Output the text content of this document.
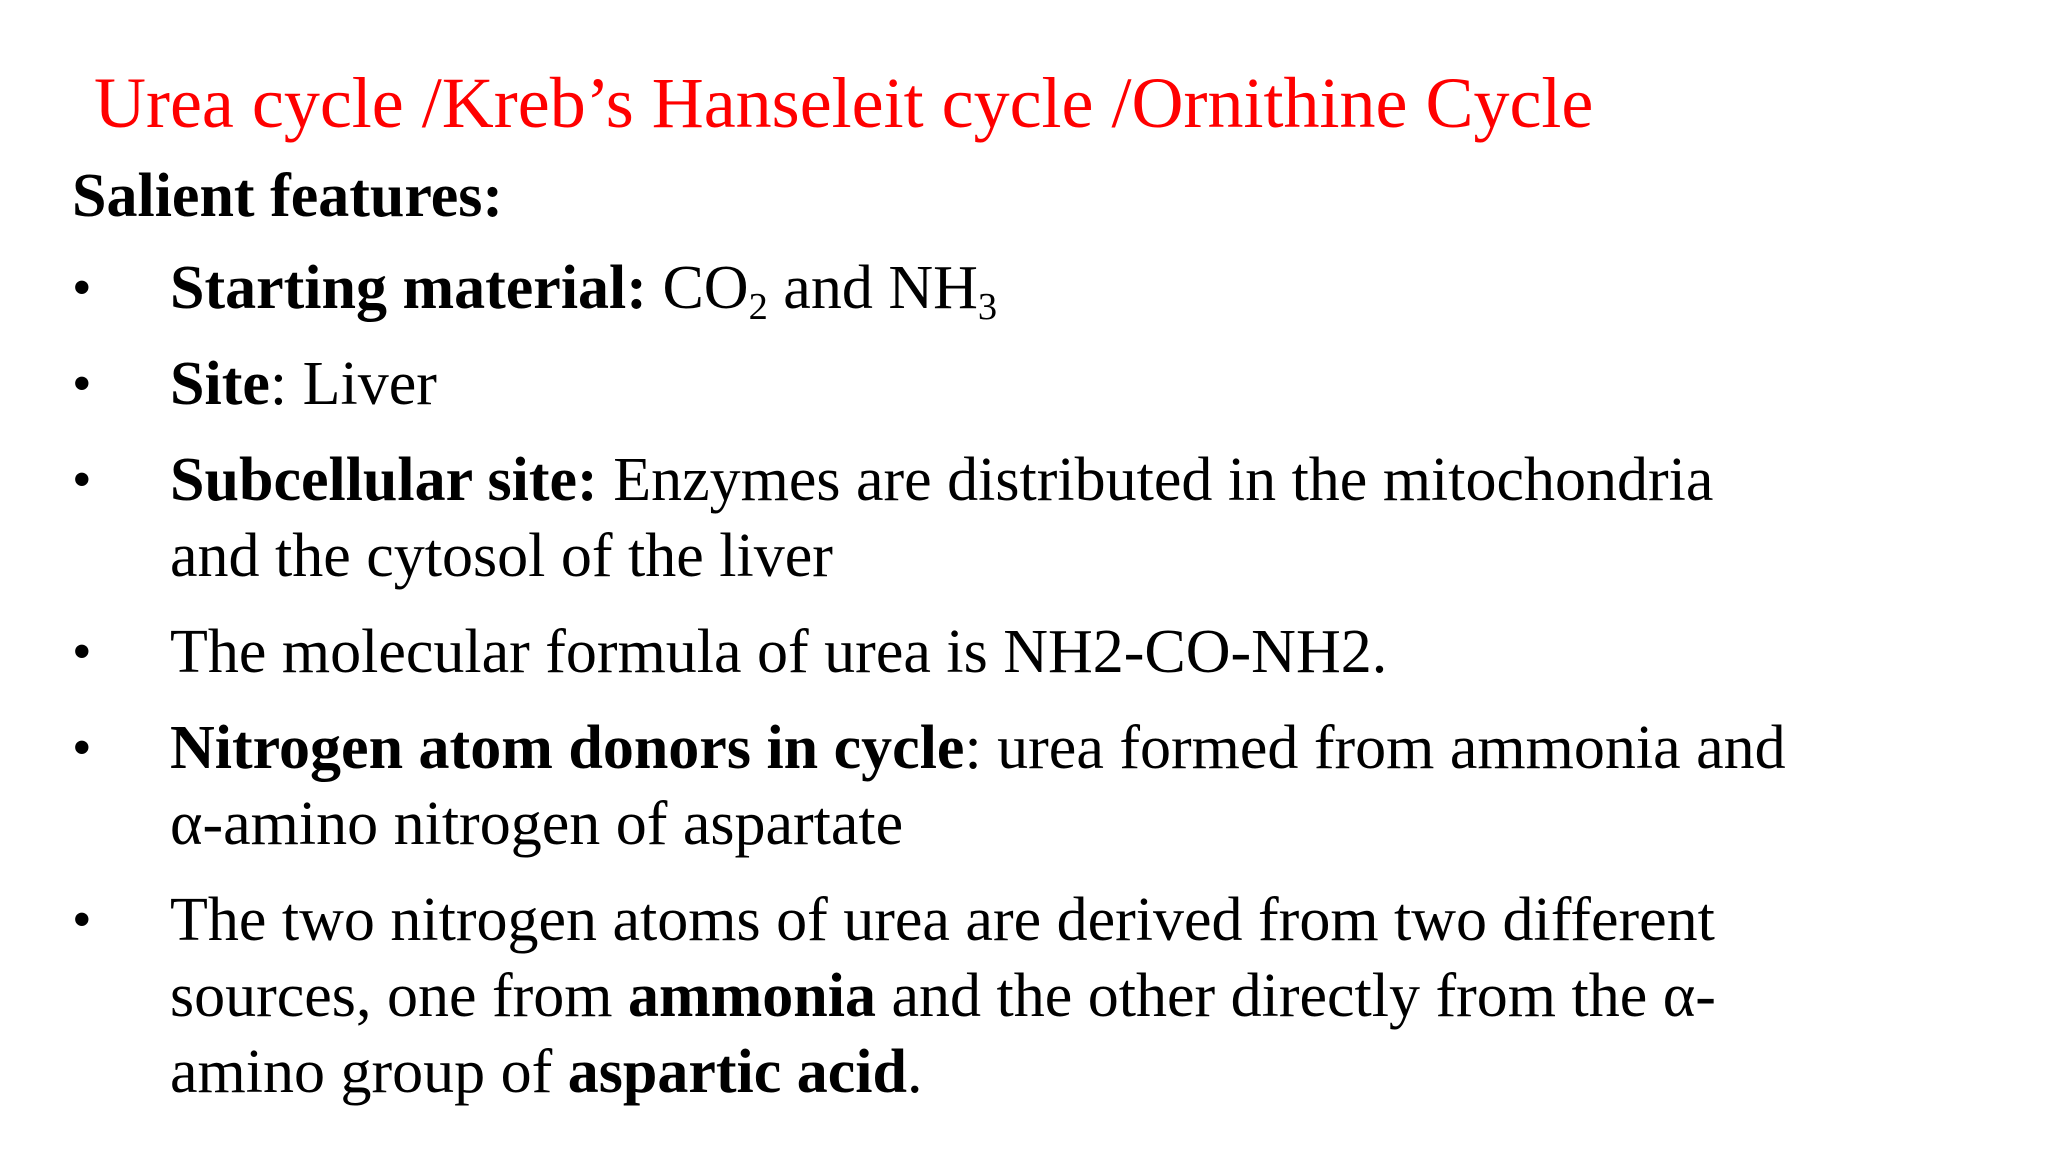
Urea cycle /Kreb’s Hanseleit cycle /Ornithine Cycle
Salient features:
• Starting material: $CO_2$ and $NH_3$
• Site: Liver
• Subcellular site: Enzymes are distributed in the mitochondria
and the cytosol of the liver
• The molecular formula of urea is NH2-CO-NH2.
• Nitrogen atom donors in cycle: urea formed from ammonia and
α-amino nitrogen of aspartate
• The two nitrogen atoms of urea are derived from two different
sources, one from ammonia and the other directly from the α-
amino group of aspartic acid.
